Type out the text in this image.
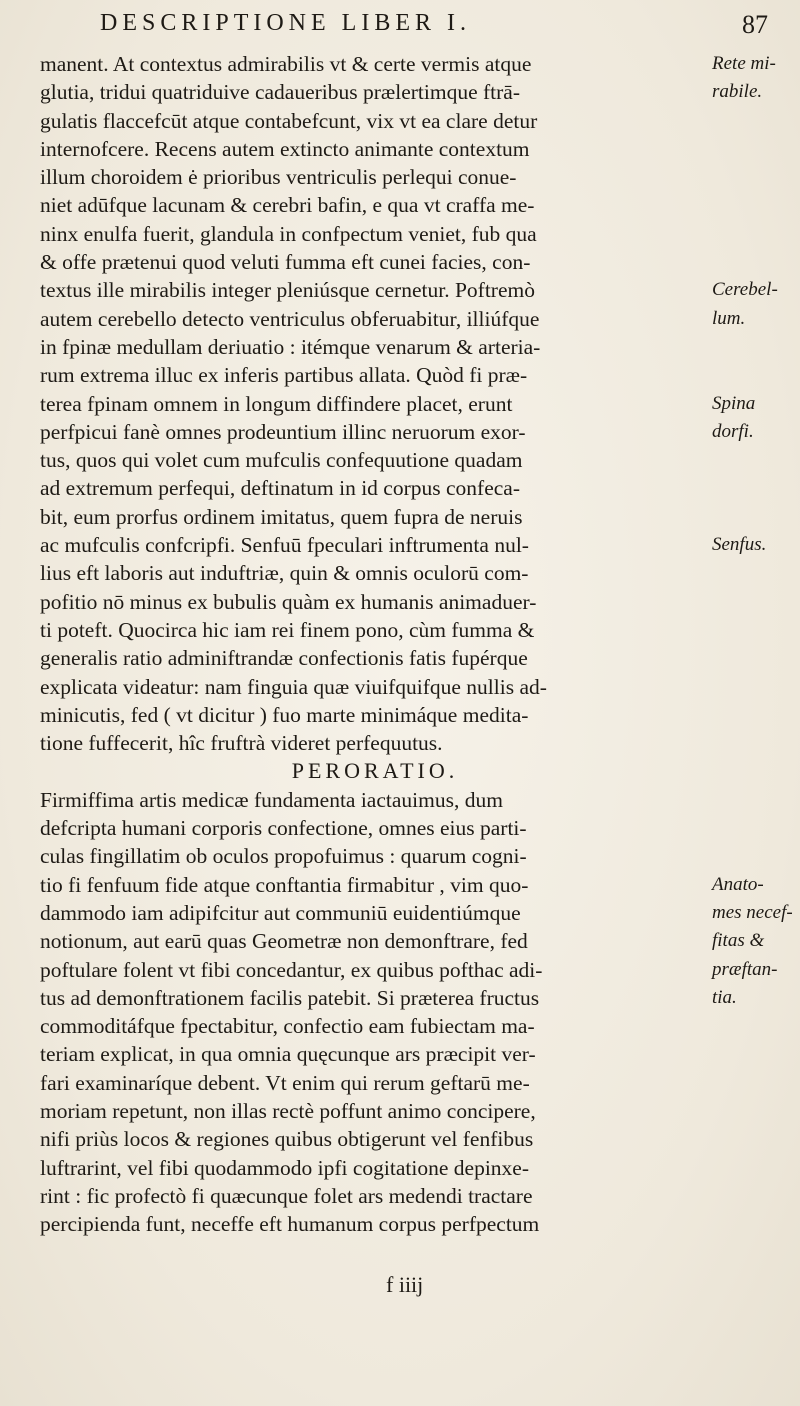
DESCRIPTIONE LIBER I.	87
manent. At contextus admirabilis vt & certe vermis atque
glutia, tridui quatriduive cadaueribus prælertimque ftrā-
gulatis flaccefcūt atque contabefcunt, vix vt ea clare detur
internofcere. Recens autem extincto animante contextum
illum choroidem ė prioribus ventriculis perlequi conue-
niet adūfque lacunam & cerebri bafin, e qua vt craffa me-
ninx enulfa fuerit, glandula in confpectum veniet, fub qua
& offe prætenui quod veluti fumma eft cunei facies, con-
textus ille mirabilis integer pleniúsque cernetur. Poftremò
autem cerebello detecto ventriculus obferuabitur, illiúfque
in fpinæ medullam deriuatio : itémque venarum & arteria-
rum extrema illuc ex inferis partibus allata. Quòd fi præ-
terea fpinam omnem in longum diffindere placet, erunt
perfpicui fanè omnes prodeuntium illinc neruorum exor-
tus, quos qui volet cum mufculis confequutione quadam
ad extremum perfequi, deftinatum in id corpus confeca-
bit, eum prorfus ordinem imitatus, quem fupra de neruis
ac mufculis confcripfi. Senfuū fpeculari inftrumenta nul-
lius eft laboris aut induftriæ, quin & omnis oculorū com-
pofitio nō minus ex bubulis quàm ex humanis animaduer-
ti poteft. Quocirca hic iam rei finem pono, cùm fumma &
generalis ratio adminiftrandæ confectionis fatis fupérque
explicata videatur: nam finguia quæ viuifquifque nullis ad-
minicutis, fed ( vt dicitur ) fuo marte minimáque medita-
tione fuffecerit, hîc fruftrà videret perfequutus.
PERORATIO.
Firmiffima artis medicæ fundamenta iactauimus, dum
defcripta humani corporis confectione, omnes eius parti-
culas fingillatim ob oculos propofuimus : quarum cogni-
tio fi fenfuum fide atque conftantia firmabitur , vim quo-
dammodo iam adipifcitur aut communiū euidentiúmque
notionum, aut earū quas Geometræ non demonftrare, fed
poftulare folent vt fibi concedantur, ex quibus pofthac adi-
tus ad demonftrationem facilis patebit. Si præterea fructus
commoditáfque fpectabitur, confectio eam fubiectam ma-
teriam explicat, in qua omnia quęcunque ars præcipit ver-
fari examinaríque debent. Vt enim qui rerum geftarū me-
moriam repetunt, non illas rectè poffunt animo concipere,
nifi priùs locos & regiones quibus obtigerunt vel fenfibus
luftrarint, vel fibi quodammodo ipfi cogitatione depinxe-
rint : fic profectò fi quæcunque folet ars medendi tractare
percipienda funt, neceffe eft humanum corpus perfpectum
Rete mi-
rabile.
Cerebel-
lum.
Spina
dorfi.
Senfus.
Anato-
mes necef-
fitas &
præftan-
tia.
f iiij
